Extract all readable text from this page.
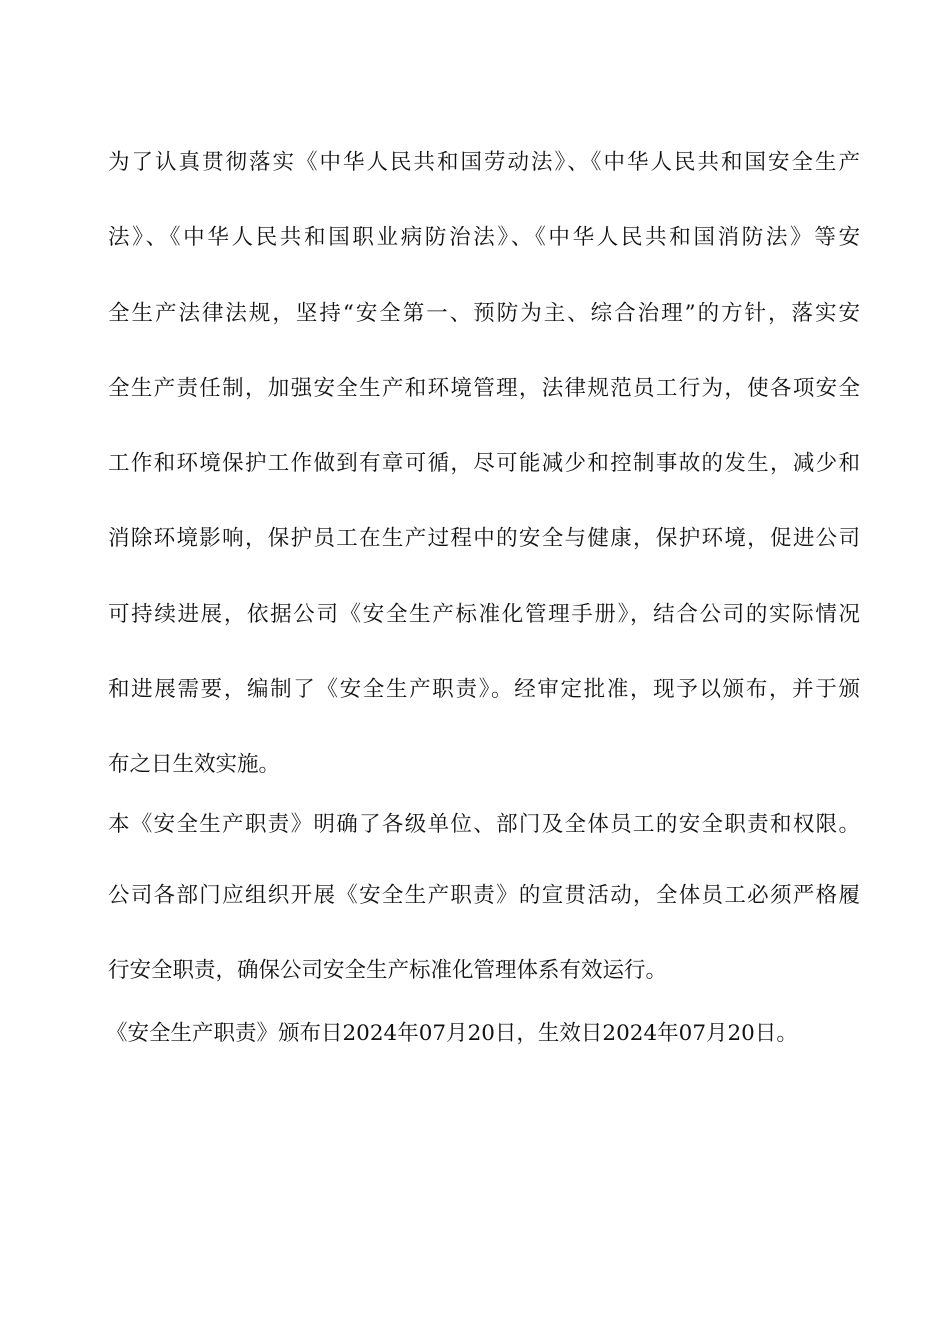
为了认真贯彻落实《中华人民共和国劳动法》、《中华人民共和国安全生产
法》、《中华人民共和国职业病防治法》、《中华人民共和国消防法》等安
全生产法律法规，坚持“安全第一、预防为主、综合治理”的方针，落实安
全生产责任制，加强安全生产和环境管理，法律规范员工行为，使各项安全
工作和环境保护工作做到有章可循，尽可能减少和控制事故的发生，减少和
消除环境影响，保护员工在生产过程中的安全与健康，保护环境，促进公司
可持续进展，依据公司《安全生产标准化管理手册》，结合公司的实际情况
和进展需要，编制了《安全生产职责》。经审定批准，现予以颁布，并于颁
布之日生效实施。
本《安全生产职责》明确了各级单位、部门及全体员工的安全职责和权限。
公司各部门应组织开展《安全生产职责》的宣贯活动，全体员工必须严格履
行安全职责，确保公司安全生产标准化管理体系有效运行。
《安全生产职责》颁布日2024年07月20日，生效日2024年07月20日。
